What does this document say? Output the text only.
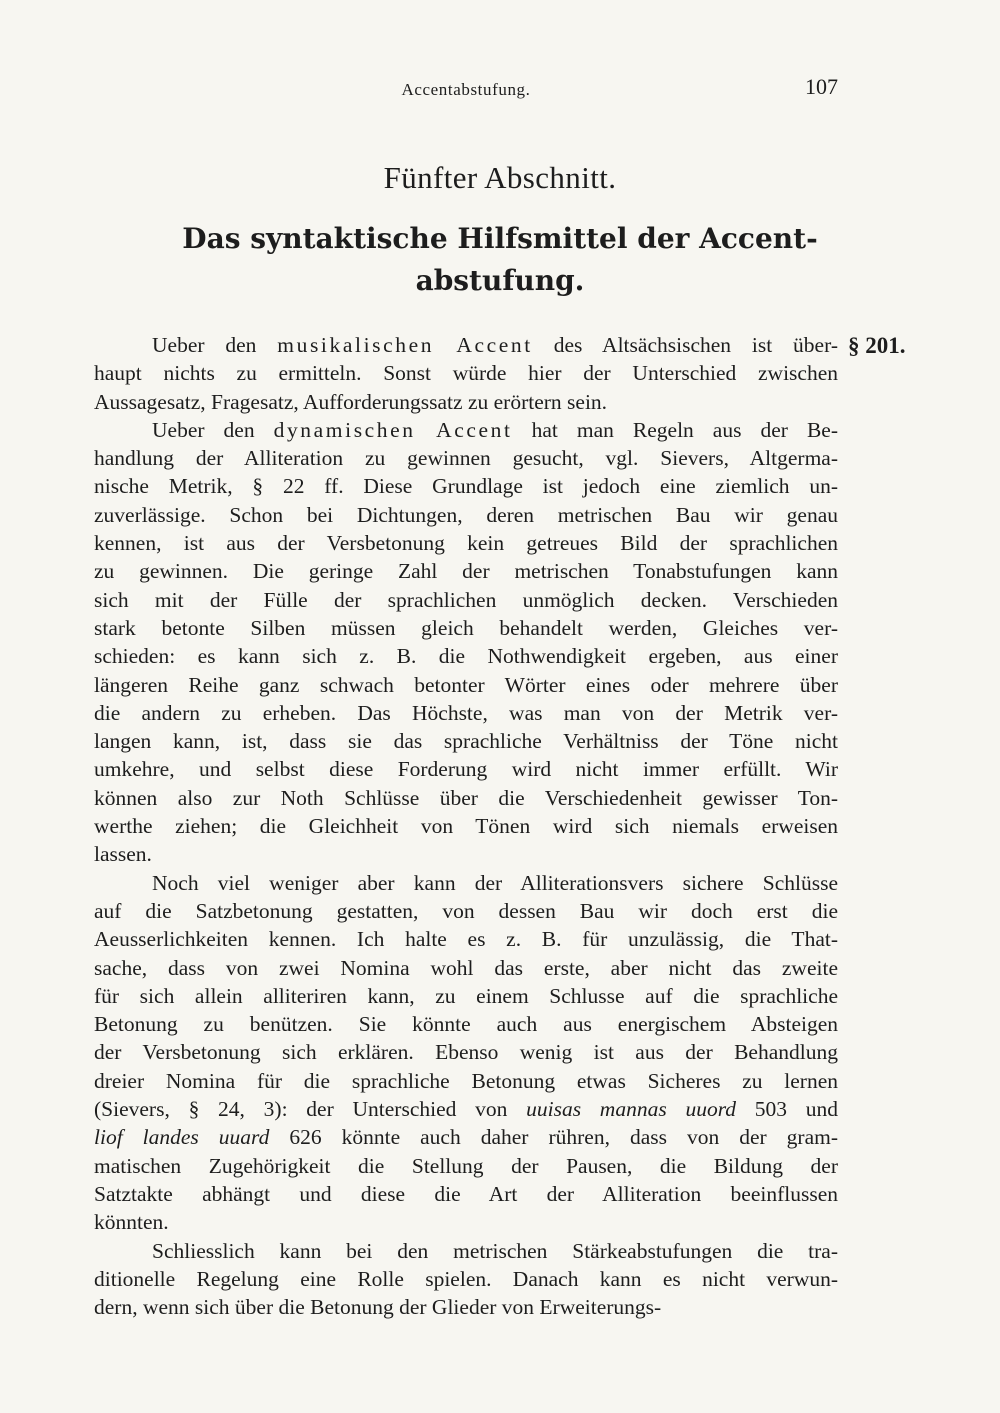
Accentabstufung.	107
Fünfter Abschnitt.
Das syntaktische Hilfsmittel der Accent-
abstufung.
§ 201.
Ueber den musikalischen Accent des Altsächsischen ist über-
haupt nichts zu ermitteln. Sonst würde hier der Unterschied zwischen
Aussagesatz, Fragesatz, Aufforderungssatz zu erörtern sein.
Ueber den dynamischen Accent hat man Regeln aus der Be-
handlung der Alliteration zu gewinnen gesucht, vgl. Sievers, Altgerma-
nische Metrik, § 22 ff. Diese Grundlage ist jedoch eine ziemlich un-
zuverlässige. Schon bei Dichtungen, deren metrischen Bau wir genau
kennen, ist aus der Versbetonung kein getreues Bild der sprachlichen
zu gewinnen. Die geringe Zahl der metrischen Tonabstufungen kann
sich mit der Fülle der sprachlichen unmöglich decken. Verschieden
stark betonte Silben müssen gleich behandelt werden, Gleiches ver-
schieden: es kann sich z. B. die Nothwendigkeit ergeben, aus einer
längeren Reihe ganz schwach betonter Wörter eines oder mehrere über
die andern zu erheben. Das Höchste, was man von der Metrik ver-
langen kann, ist, dass sie das sprachliche Verhältniss der Töne nicht
umkehre, und selbst diese Forderung wird nicht immer erfüllt. Wir
können also zur Noth Schlüsse über die Verschiedenheit gewisser Ton-
werthe ziehen; die Gleichheit von Tönen wird sich niemals erweisen
lassen.
Noch viel weniger aber kann der Alliterationsvers sichere Schlüsse
auf die Satzbetonung gestatten, von dessen Bau wir doch erst die
Aeusserlichkeiten kennen. Ich halte es z. B. für unzulässig, die That-
sache, dass von zwei Nomina wohl das erste, aber nicht das zweite
für sich allein alliteriren kann, zu einem Schlusse auf die sprachliche
Betonung zu benützen. Sie könnte auch aus energischem Absteigen
der Versbetonung sich erklären. Ebenso wenig ist aus der Behandlung
dreier Nomina für die sprachliche Betonung etwas Sicheres zu lernen
(Sievers, § 24, 3): der Unterschied von uuisas mannas uuord 503 und
liof landes uuard 626 könnte auch daher rühren, dass von der gram-
matischen Zugehörigkeit die Stellung der Pausen, die Bildung der
Satztakte abhängt und diese die Art der Alliteration beeinflussen
könnten.
Schliesslich kann bei den metrischen Stärkeabstufungen die tra-
ditionelle Regelung eine Rolle spielen. Danach kann es nicht verwun-
dern, wenn sich über die Betonung der Glieder von Erweiterungs-
